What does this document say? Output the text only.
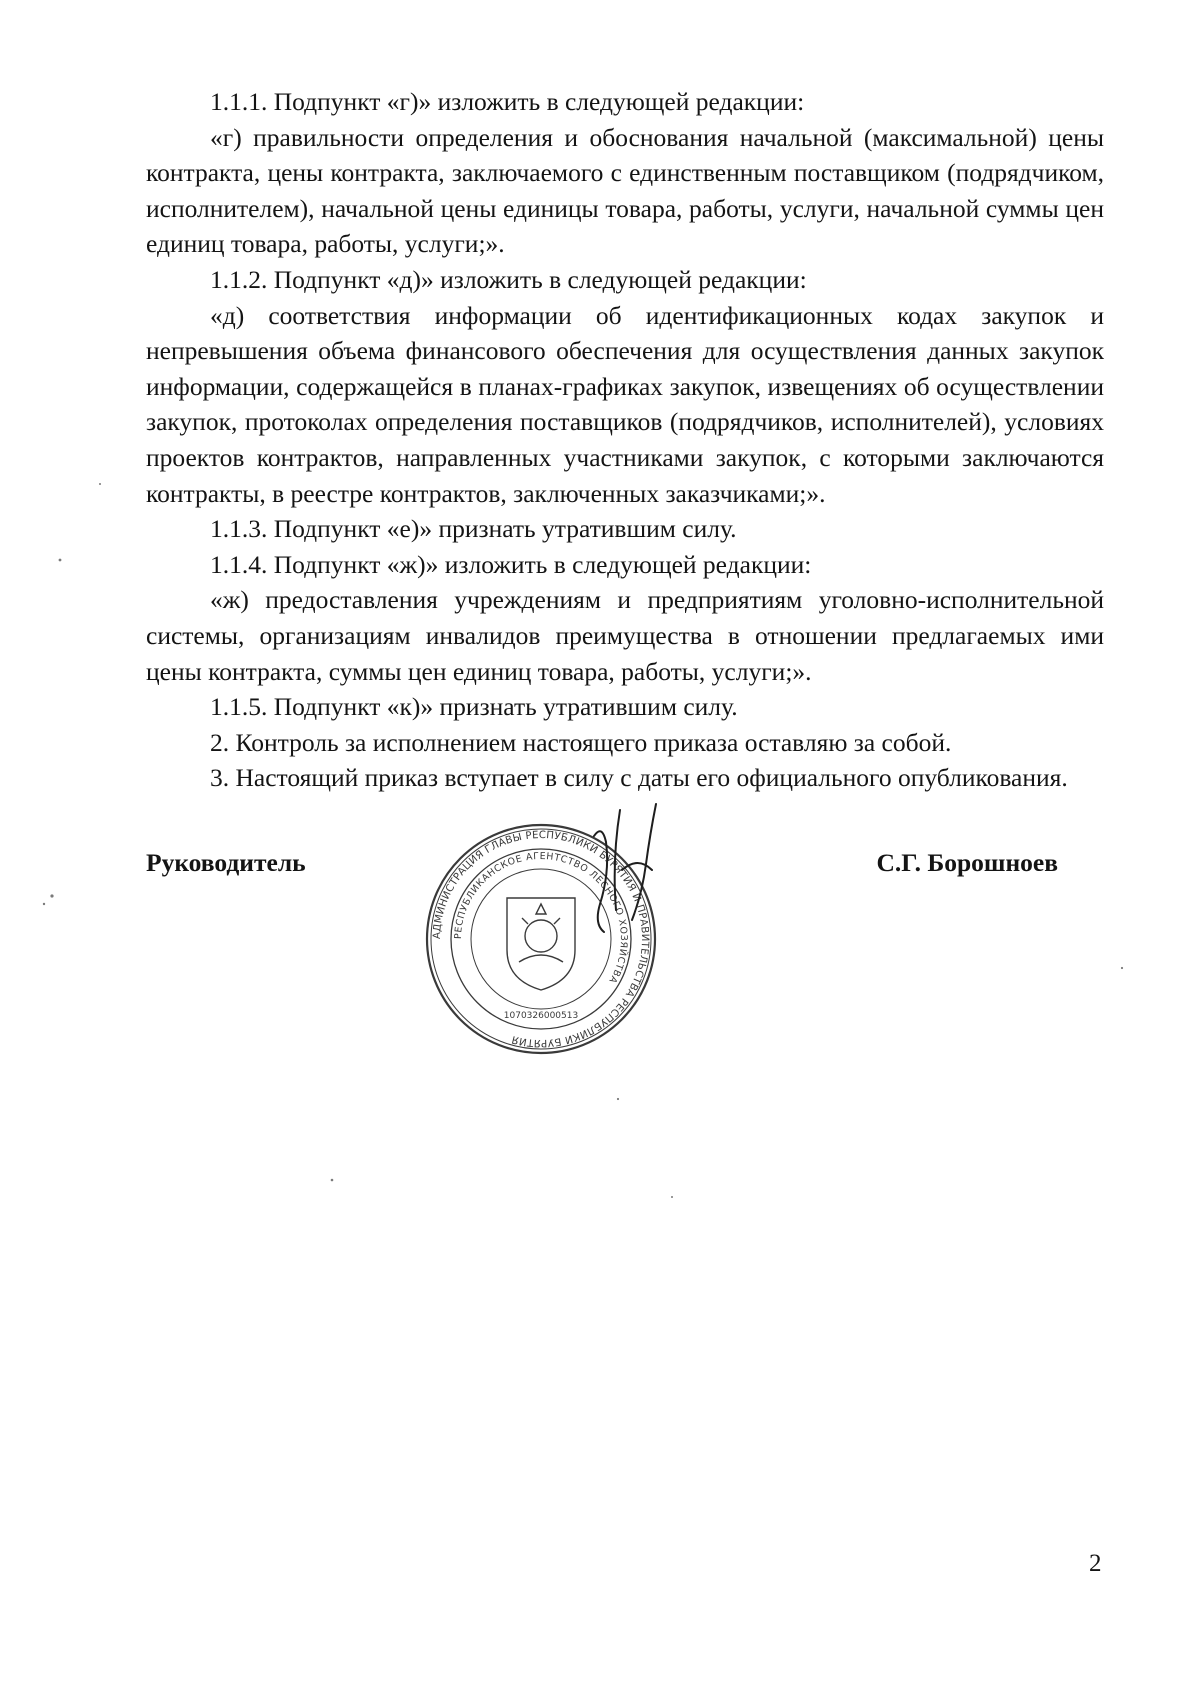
1.1.1. Подпункт «г)» изложить в следующей редакции:

«г) правильности определения и обоснования начальной (максимальной) цены контракта, цены контракта, заключаемого с единственным поставщиком (подрядчиком, исполнителем), начальной цены единицы товара, работы, услуги, начальной суммы цен единиц товара, работы, услуги;».

1.1.2. Подпункт «д)» изложить в следующей редакции:

«д) соответствия информации об идентификационных кодах закупок и непревышения объема финансового обеспечения для осуществления данных закупок информации, содержащейся в планах-графиках закупок, извещениях об осуществлении закупок, протоколах определения поставщиков (подрядчиков, исполнителей), условиях проектов контрактов, направленных участниками закупок, с которыми заключаются контракты, в реестре контрактов, заключенных заказчиками;».

1.1.3. Подпункт «е)» признать утратившим силу.

1.1.4. Подпункт «ж)» изложить в следующей редакции:

«ж) предоставления учреждениям и предприятиям уголовно-исполнительной системы, организациям инвалидов преимущества в отношении предлагаемых ими цены контракта, суммы цен единиц товара, работы, услуги;».

1.1.5. Подпункт «к)» признать утратившим силу.

2. Контроль за исполнением настоящего приказа оставляю за собой.

3. Настоящий приказ вступает в силу с даты его официального опубликования.

Руководитель	С.Г. Борошноев
АДМИНИСТРАЦИЯ ГЛАВЫ РЕСПУБЛИКИ БУРЯТИЯ И ПРАВИТЕЛЬСТВА РЕСПУБЛИКИ БУРЯТИЯ
РЕСПУБЛИКАНСКОЕ АГЕНТСТВО ЛЕСНОГО ХОЗЯЙСТВА
1070326000513
2
